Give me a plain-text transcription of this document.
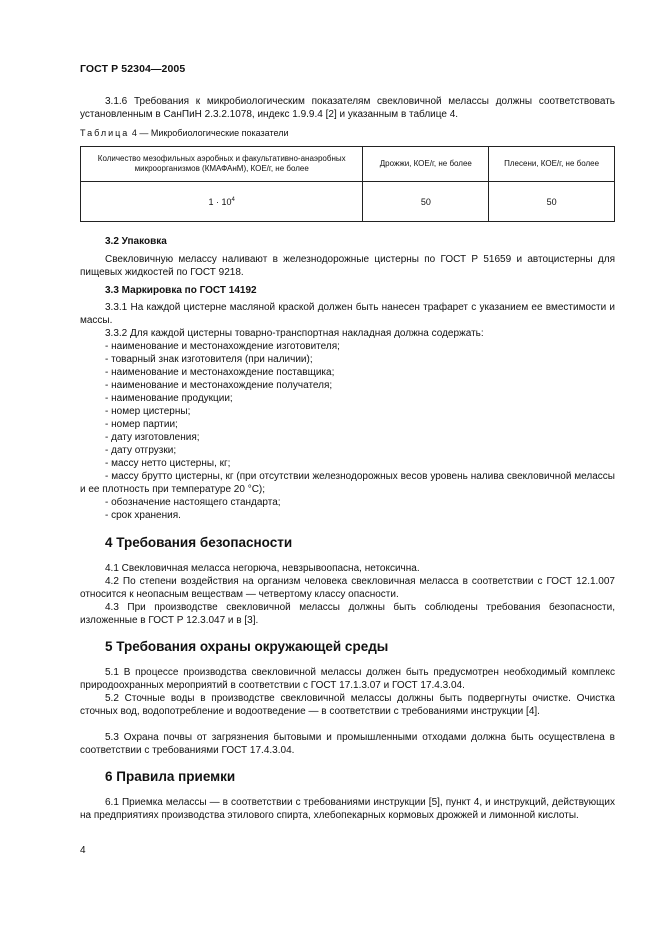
ГОСТ Р 52304—2005

3.1.6 Требования к микробиологическим показателям свекловичной мелассы должны соответствовать установленным в СанПиН 2.3.2.1078, индекс 1.9.9.4 [2] и указанным в таблице 4.

Таблица 4 — Микробиологические показатели
Количество мезофильных аэробных и факультативно-анаэробных микроорганизмов (КМАФАнМ), КОЕ/г, не более	Дрожжи, КОЕ/г, не более	Плесени, КОЕ/г, не более
$1 \cdot 10^4$	50	50
3.2 Упаковка

Свекловичную мелассу наливают в железнодорожные цистерны по ГОСТ Р 51659 и автоцистерны для пищевых жидкостей по ГОСТ 9218.

3.3 Маркировка по ГОСТ 14192

3.3.1 На каждой цистерне масляной краской должен быть нанесен трафарет с указанием ее вместимости и массы.

3.3.2 Для каждой цистерны товарно-транспортная накладная должна содержать:

- наименование и местонахождение изготовителя;

- товарный знак изготовителя (при наличии);

- наименование и местонахождение поставщика;

- наименование и местонахождение получателя;

- наименование продукции;

- номер цистерны;

- номер партии;

- дату изготовления;

- дату отгрузки;

- массу нетто цистерны, кг;

- массу брутто цистерны, кг (при отсутствии железнодорожных весов уровень налива свекловичной мелассы и ее плотность при температуре 20 °С);

- обозначение настоящего стандарта;

- срок хранения.

4 Требования безопасности

4.1 Свекловичная меласса негорюча, невзрывоопасна, нетоксична.

4.2 По степени воздействия на организм человека свекловичная меласса в соответствии с ГОСТ 12.1.007 относится к неопасным веществам — четвертому классу опасности.

4.3 При производстве свекловичной мелассы должны быть соблюдены требования безопасности, изложенные в ГОСТ Р 12.3.047 и в [3].

5 Требования охраны окружающей среды

5.1 В процессе производства свекловичной мелассы должен быть предусмотрен необходимый комплекс природоохранных мероприятий в соответствии с ГОСТ 17.1.3.07 и ГОСТ 17.4.3.04.

5.2 Сточные воды в производстве свекловичной мелассы должны быть подвергнуты очистке. Очистка сточных вод, водопотребление и водоотведение — в соответствии с требованиями инструкции [4].

5.3 Охрана почвы от загрязнения бытовыми и промышленными отходами должна быть осуществлена в соответствии с требованиями ГОСТ 17.4.3.04.

6 Правила приемки

6.1 Приемка мелассы — в соответствии с требованиями инструкции [5], пункт 4, и инструкций, действующих на предприятиях производства этилового спирта, хлебопекарных кормовых дрожжей и лимонной кислоты.

4
